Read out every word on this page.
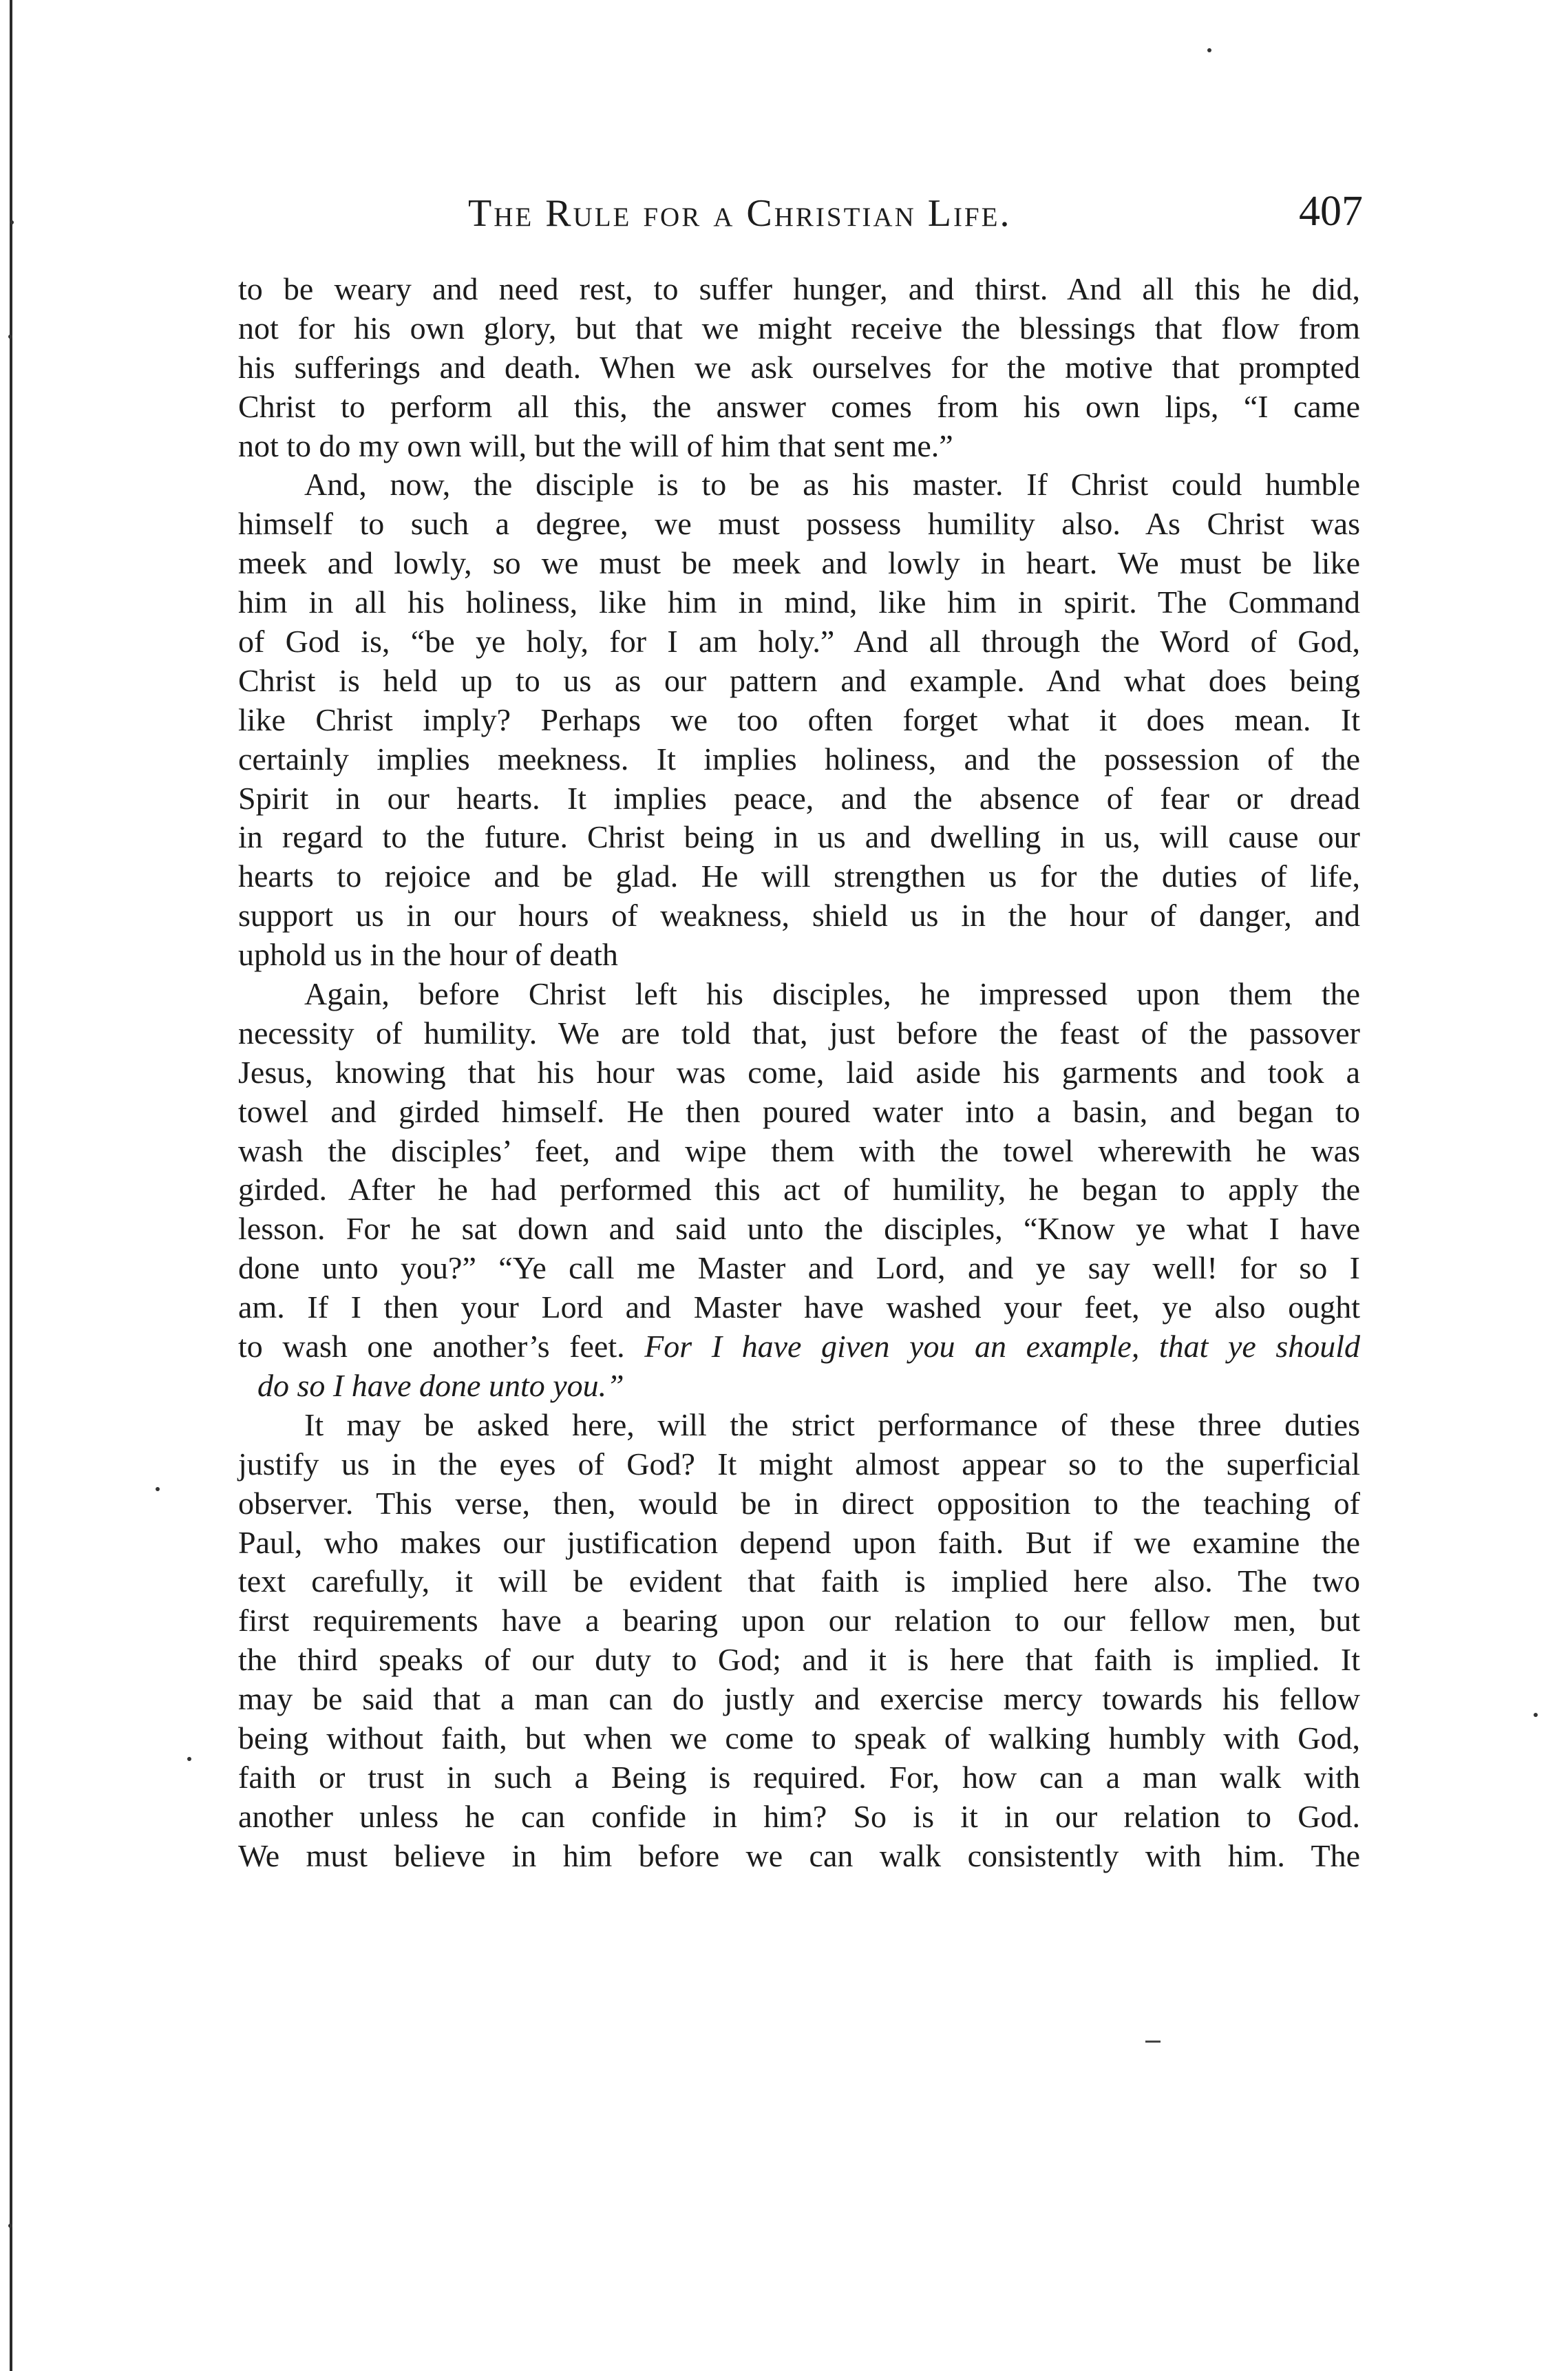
The Rule for a Christian Life.	407
to be weary and need rest, to suffer hunger, and thirst. And all this he did,
not for his own glory, but that we might receive the blessings that flow from
his sufferings and death. When we ask ourselves for the motive that prompted
Christ to perform all this, the answer comes from his own lips, “I came
not to do my own will, but the will of him that sent me.”
And, now, the disciple is to be as his master. If Christ could humble
himself to such a degree, we must possess humility also. As Christ was
meek and lowly, so we must be meek and lowly in heart. We must be like
him in all his holiness, like him in mind, like him in spirit. The Command
of God is, “be ye holy, for I am holy.” And all through the Word of God,
Christ is held up to us as our pattern and example. And what does being
like Christ imply? Perhaps we too often forget what it does mean. It
certainly implies meekness. It implies holiness, and the possession of the
Spirit in our hearts. It implies peace, and the absence of fear or dread
in regard to the future. Christ being in us and dwelling in us, will cause our
hearts to rejoice and be glad. He will strengthen us for the duties of life,
support us in our hours of weakness, shield us in the hour of danger, and
uphold us in the hour of death
Again, before Christ left his disciples, he impressed upon them the
necessity of humility. We are told that, just before the feast of the passover
Jesus, knowing that his hour was come, laid aside his garments and took a
towel and girded himself. He then poured water into a basin, and began to
wash the disciples’ feet, and wipe them with the towel wherewith he was
girded. After he had performed this act of humility, he began to apply the
lesson. For he sat down and said unto the disciples, “Know ye what I have
done unto you?” “Ye call me Master and Lord, and ye say well! for so I
am. If I then your Lord and Master have washed your feet, ye also ought
to wash one another’s feet. For I have given you an example, that ye should
do so I have done unto you.”
It may be asked here, will the strict performance of these three duties
justify us in the eyes of God? It might almost appear so to the superficial
observer. This verse, then, would be in direct opposition to the teaching of
Paul, who makes our justification depend upon faith. But if we examine the
text carefully, it will be evident that faith is implied here also. The two
first requirements have a bearing upon our relation to our fellow men, but
the third speaks of our duty to God; and it is here that faith is implied. It
may be said that a man can do justly and exercise mercy towards his fellow
being without faith, but when we come to speak of walking humbly with God,
faith or trust in such a Being is required. For, how can a man walk with
another unless he can confide in him? So is it in our relation to God.
We must believe in him before we can walk consistently with him. The
